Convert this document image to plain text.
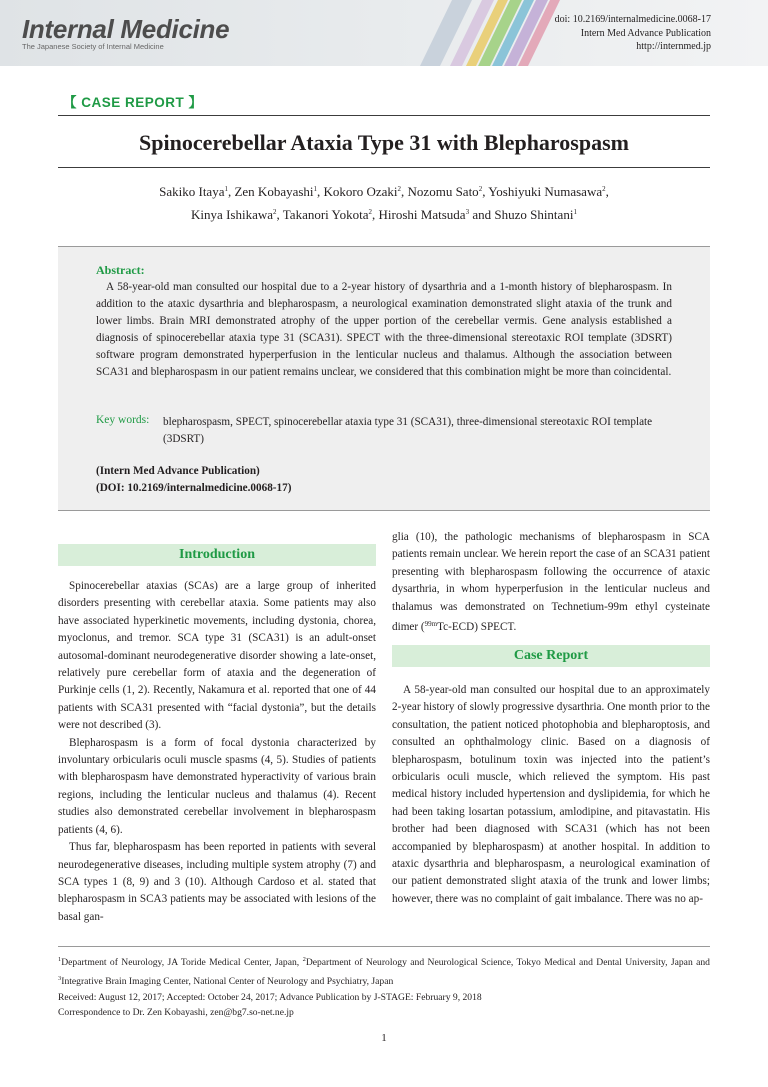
Internal Medicine
The Japanese Society of Internal Medicine
doi: 10.2169/internalmedicine.0068-17
Intern Med Advance Publication
http://internmed.jp
【 CASE REPORT 】
Spinocerebellar Ataxia Type 31 with Blepharospasm
Sakiko Itaya$^1$, Zen Kobayashi$^1$, Kokoro Ozaki$^2$, Nozomu Sato$^2$, Yoshiyuki Numasawa$^2$,
Kinya Ishikawa$^2$, Takanori Yokota$^2$, Hiroshi Matsuda$^3$ and Shuzo Shintani$^1$
Abstract:
A 58-year-old man consulted our hospital due to a 2-year history of dysarthria and a 1-month history of blepharospasm. In addition to the ataxic dysarthria and blepharospasm, a neurological examination demonstrated slight ataxia of the trunk and lower limbs. Brain MRI demonstrated atrophy of the upper portion of the cerebellar vermis. Gene analysis established a diagnosis of spinocerebellar ataxia type 31 (SCA31). SPECT with the three-dimensional stereotaxic ROI template (3DSRT) software program demonstrated hyperperfusion in the lenticular nucleus and thalamus. Although the association between SCA31 and blepharospasm in our patient remains unclear, we considered that this combination might be more than coincidental.
Key words: blepharospasm, SPECT, spinocerebellar ataxia type 31 (SCA31), three-dimensional stereotaxic ROI template (3DSRT)
(Intern Med Advance Publication)
(DOI: 10.2169/internalmedicine.0068-17)
Introduction

Spinocerebellar ataxias (SCAs) are a large group of inherited disorders presenting with cerebellar ataxia. Some patients may also have associated hyperkinetic movements, including dystonia, chorea, myoclonus, and tremor. SCA type 31 (SCA31) is an adult-onset autosomal-dominant neurodegenerative disorder showing a late-onset, relatively pure cerebellar form of ataxia and the degeneration of Purkinje cells (1, 2). Recently, Nakamura et al. reported that one of 44 patients with SCA31 presented with “facial dystonia”, but the details were not described (3).

Blepharospasm is a form of focal dystonia characterized by involuntary orbicularis oculi muscle spasms (4, 5). Studies of patients with blepharospasm have demonstrated hyperactivity of various brain regions, including the lenticular nucleus and thalamus (4). Recent studies also demonstrated cerebellar involvement in blepharospasm patients (4, 6).

Thus far, blepharospasm has been reported in patients with several neurodegenerative diseases, including multiple system atrophy (7) and SCA types 1 (8, 9) and 3 (10). Although Cardoso et al. stated that blepharospasm in SCA3 patients may be associated with lesions of the basal gan-

glia (10), the pathologic mechanisms of blepharospasm in SCA patients remain unclear. We herein report the case of an SCA31 patient presenting with blepharospasm following the occurrence of ataxic dysarthria, in whom hyperperfusion in the lenticular nucleus and thalamus was demonstrated on Technetium-99m ethyl cysteinate dimer ($^{99m}$Tc-ECD) SPECT.

Case Report

A 58-year-old man consulted our hospital due to an approximately 2-year history of slowly progressive dysarthria. One month prior to the consultation, the patient noticed photophobia and blepharoptosis, and consulted an ophthalmology clinic. Based on a diagnosis of blepharospasm, botulinum toxin was injected into the patient’s orbicularis oculi muscle, which relieved the symptom. His past medical history included hypertension and dyslipidemia, for which he had been taking losartan potassium, amlodipine, and pitavastatin. His brother had been diagnosed with SCA31 (which has not been accompanied by blepharospasm) at another hospital. In addition to ataxic dysarthria and blepharospasm, a neurological examination of our patient demonstrated slight ataxia of the trunk and lower limbs; however, there was no complaint of gait imbalance. There was no ap-

$^1$Department of Neurology, JA Toride Medical Center, Japan, $^2$Department of Neurology and Neurological Science, Tokyo Medical and Dental University, Japan and $^3$Integrative Brain Imaging Center, National Center of Neurology and Psychiatry, Japan
Received: August 12, 2017; Accepted: October 24, 2017; Advance Publication by J-STAGE: February 9, 2018
Correspondence to Dr. Zen Kobayashi, zen@bg7.so-net.ne.jp
1
